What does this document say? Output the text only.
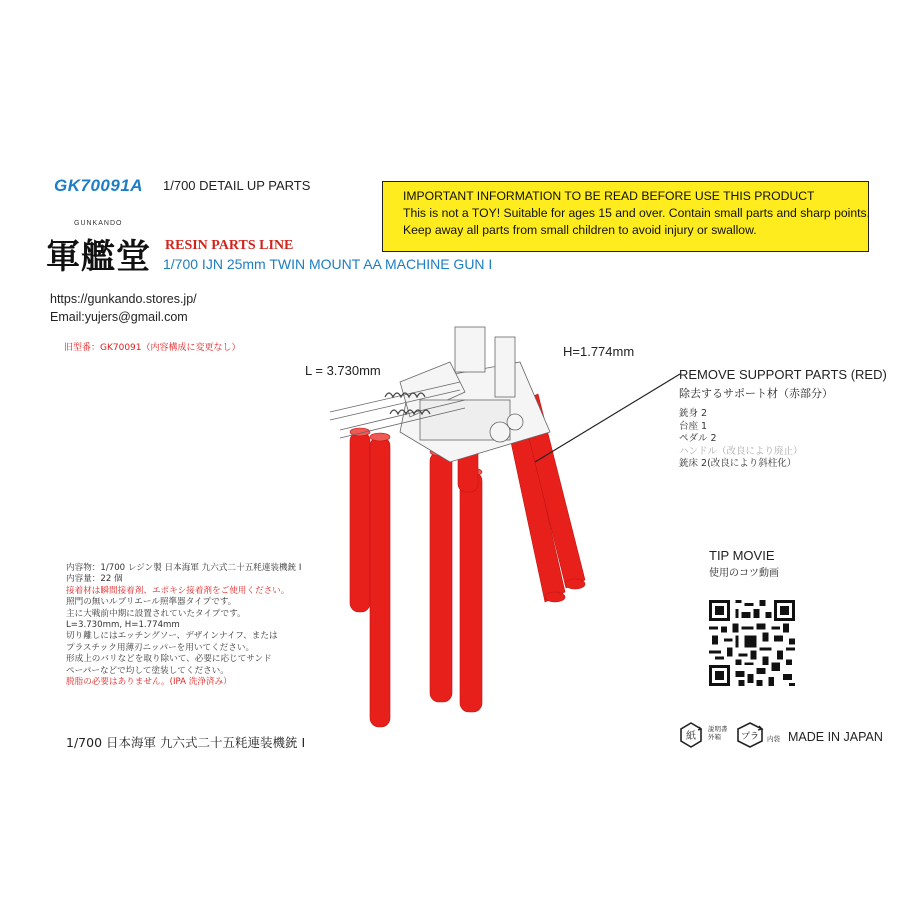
GK70091A 1/700 DETAIL UP PARTS
IMPORTANT INFORMATION TO BE READ BEFORE USE THIS PRODUCT
This is not a TOY! Suitable for ages 15 and over. Contain small parts and sharp points.
Keep away all parts from small children to avoid injury or swallow.
GUNKANDO
軍艦堂 RESIN PARTS LINE
1/700 IJN 25mm TWIN MOUNT AA MACHINE GUN I
https://gunkando.stores.jp/
Email:yujers@gmail.com
旧型番：GK70091（内容構成に変更なし）
L = 3.730mm
H=1.774mm
REMOVE SUPPORT PARTS (RED)
除去するサポート材（赤部分）
銃身 2
台座 1
ペダル 2
ハンドル（改良により廃止）
銃床 2(改良により斜柱化）
TIP MOVIE
使用のコツ動画
内容物：1/700 レジン製 日本海軍 九六式二十五粍連装機銃 I
内容量：22 個
接着材は瞬間接着剤、エポキシ接着剤をご使用ください。
照門の無いルブリエール照準器タイプです。
主に大戦前中期に設置されていたタイプです。
L=3.730mm, H=1.774mm
切り離しにはエッチングソー、デザインナイフ、または
プラスチック用薄刃ニッパーを用いてください。
形成上のバリなどを取り除いて、必要に応じてサンド
ペーパーなどで均して塗装してください。
脱脂の必要はありません。(IPA 洗浄済み）
1/700 日本海軍 九六式二十五粍連装機銃 I	紙
説明書 外箱	プラ 内袋 MADE IN JAPAN
